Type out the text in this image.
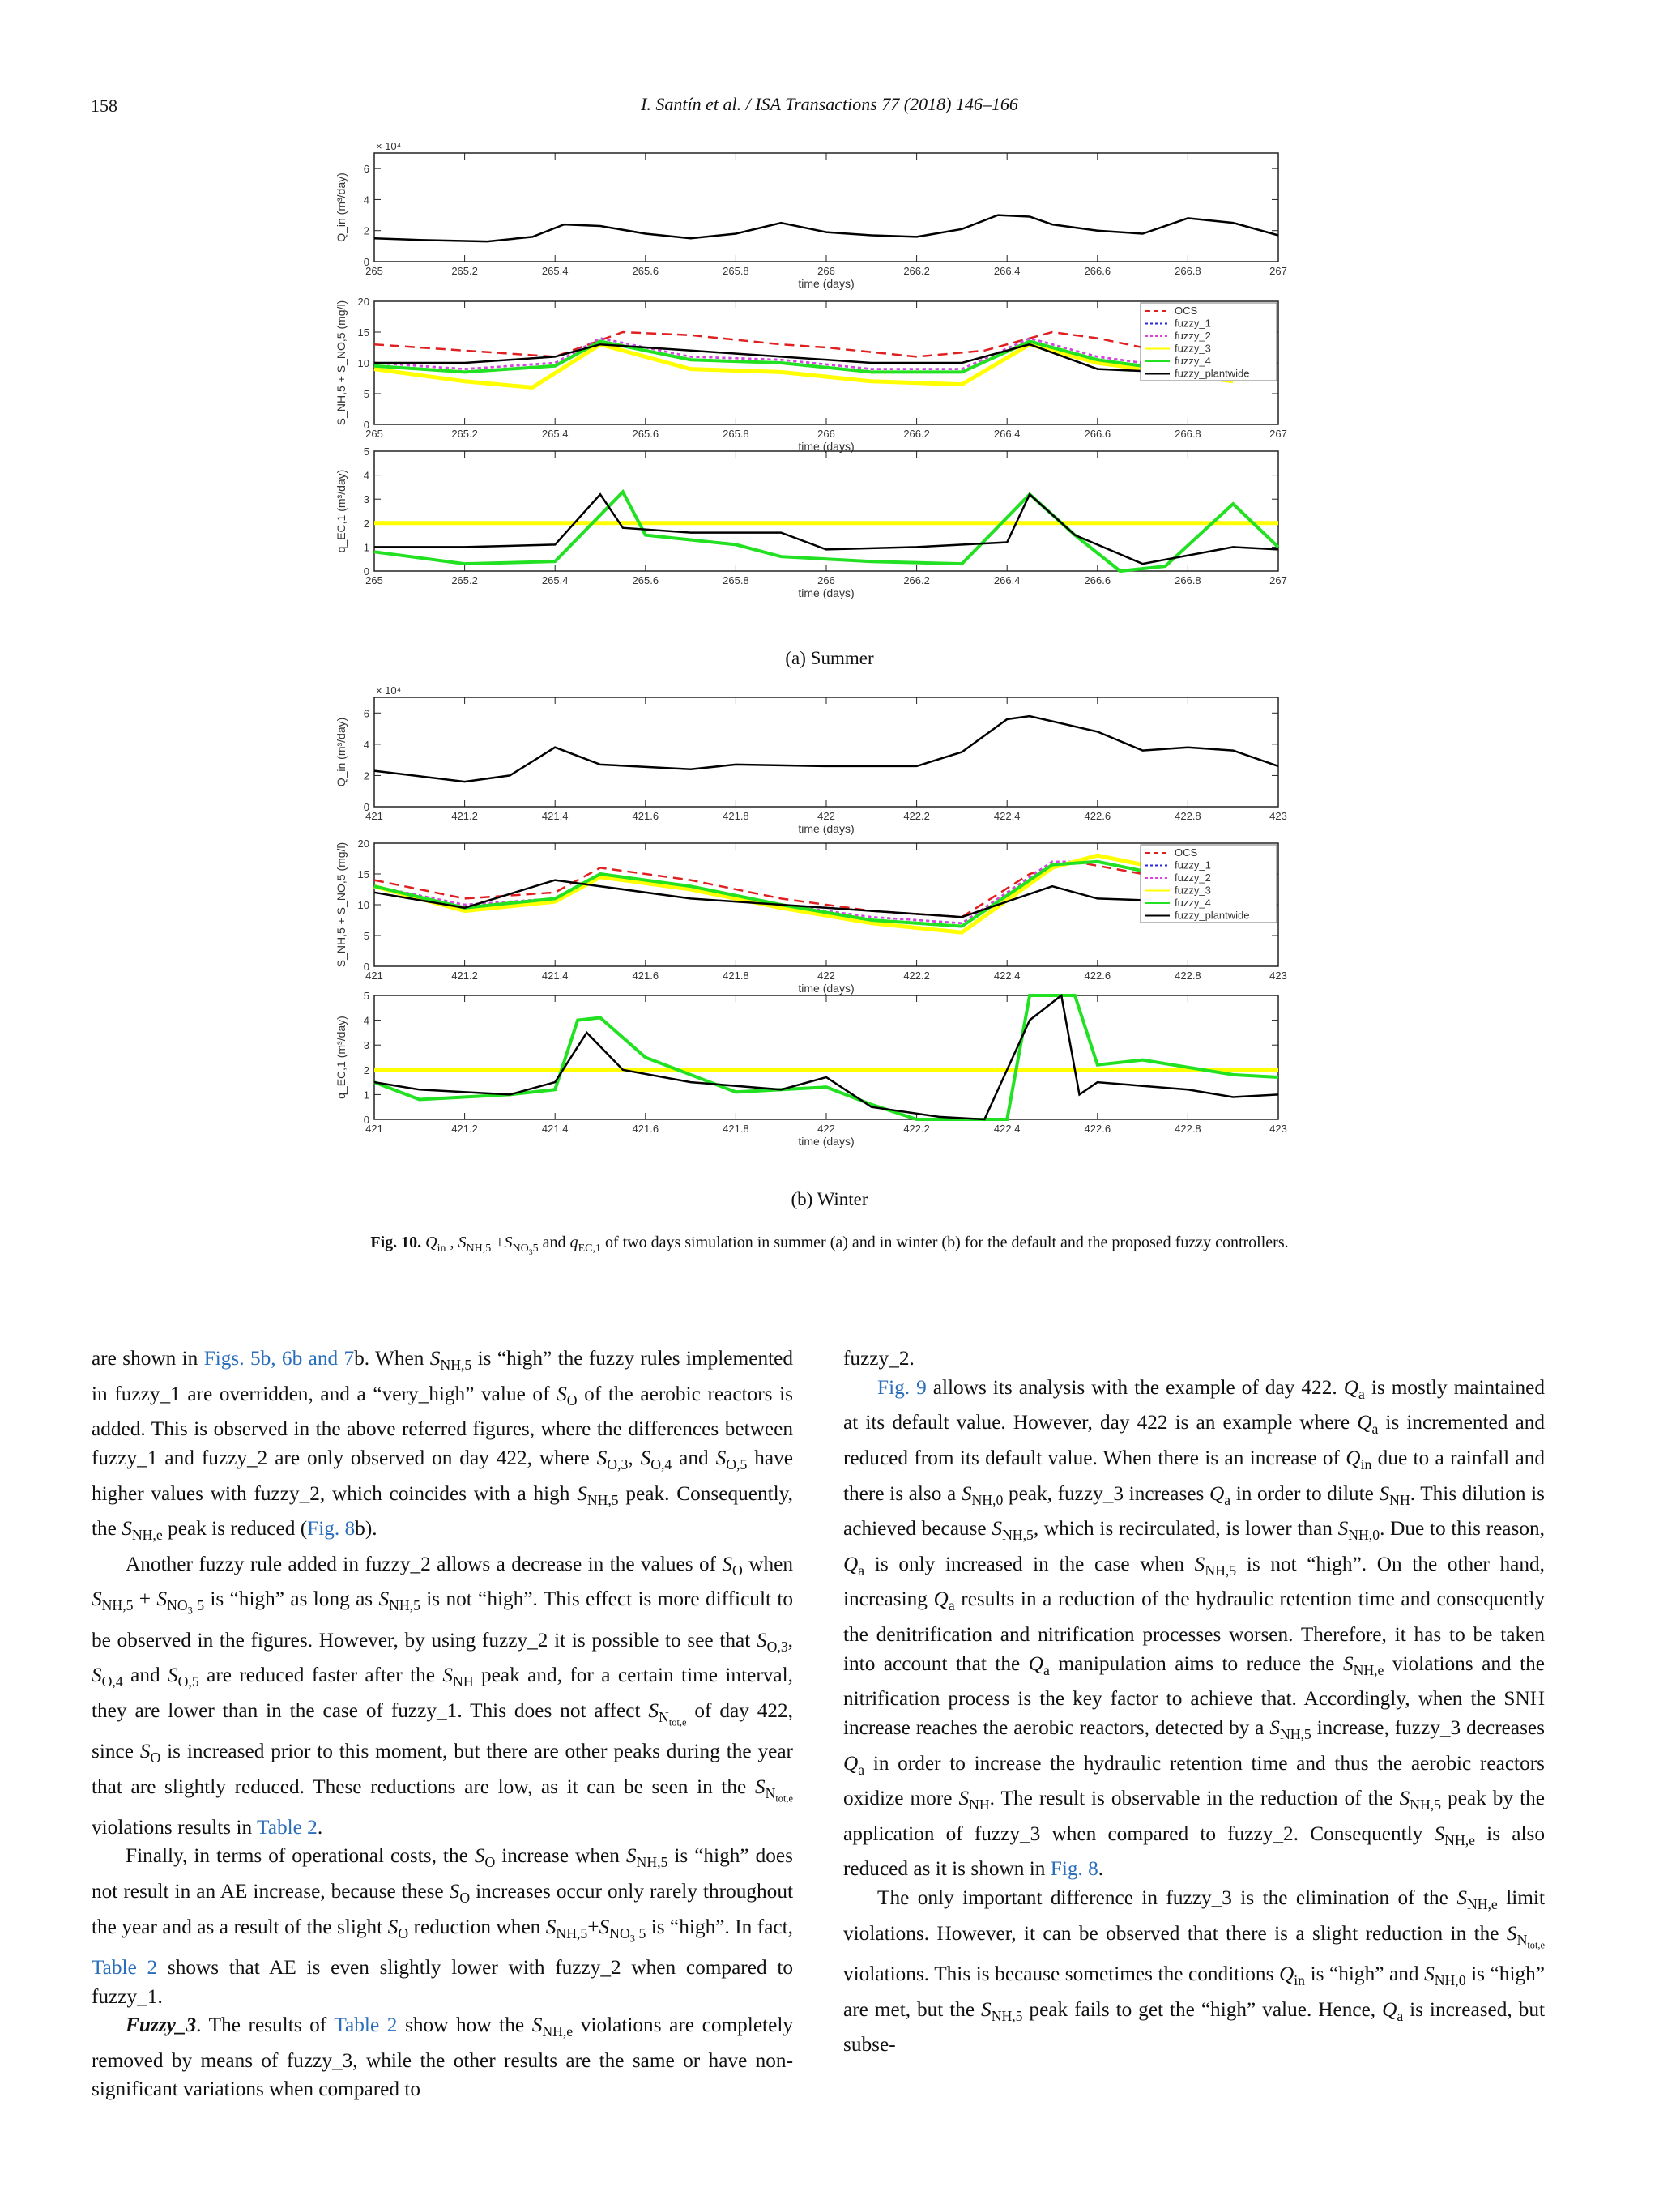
158	I. Santín et al. / ISA Transactions 77 (2018) 146–166
265	265.2	265.4	265.6	265.8	266	266.2	266.4	266.6	266.8	267
0
2
4
6
time (days)
Q_in (m³/day)
× 10⁴
265	265.2	265.4	265.6	265.8	266	266.2	266.4	266.6	266.8	267
0
5
10
15
20
time (days)
S_NH,5 + S_NO,5 (mg/l)	OCS
fuzzy_1
fuzzy_2
fuzzy_3
fuzzy_4
fuzzy_plantwide
265	265.2	265.4	265.6	265.8	266	266.2	266.4	266.6	266.8	267
0
1
2
3
4
5
time (days)
q_EC,1 (m³/day)
421	421.2	421.4	421.6	421.8	422	422.2	422.4	422.6	422.8	423
0
2
4
6
time (days)
Q_in (m³/day)
× 10⁴
421	421.2	421.4	421.6	421.8	422	422.2	422.4	422.6	422.8	423
0
5
10
15
20
time (days)
S_NH,5 + S_NO,5 (mg/l)	OCS
fuzzy_1
fuzzy_2
fuzzy_3
fuzzy_4
fuzzy_plantwide
421	421.2	421.4	421.6	421.8	422	422.2	422.4	422.6	422.8	423
0
1
2
3
4
5
time (days)
q_EC,1 (m³/day)
(a) Summer
(b) Winter
Fig. 10. $Q_{in}$ , $S_{NH,5} +S_{NO_35}$ and $q_{EC,1}$ of two days simulation in summer (a) and in winter (b) for the default and the proposed fuzzy controllers.

are shown in Figs. 5b, 6b and 7b. When $S_{NH,5}$ is “high” the fuzzy rules implemented in fuzzy_1 are overridden, and a “very_high” value of $S_O$ of the aerobic reactors is added. This is observed in the above referred figures, where the differences between fuzzy_1 and fuzzy_2 are only observed on day 422, where $S_{O,3}$, $S_{O,4}$ and $S_{O,5}$ have higher values with fuzzy_2, which coincides with a high $S_{NH,5}$ peak. Consequently, the $S_{NH,e}$ peak is reduced (Fig. 8b).

Another fuzzy rule added in fuzzy_2 allows a decrease in the values of $S_O$ when $S_{NH,5} + S_{NO_3 5}$ is “high” as long as $S_{NH,5}$ is not “high”. This effect is more difficult to be observed in the figures. However, by using fuzzy_2 it is possible to see that $S_{O,3}$, $S_{O,4}$ and $S_{O,5}$ are reduced faster after the $S_{NH}$ peak and, for a certain time interval, they are lower than in the case of fuzzy_1. This does not affect $S_{N_{tot,e}}$ of day 422, since $S_O$ is increased prior to this moment, but there are other peaks during the year that are slightly reduced. These reductions are low, as it can be seen in the $S_{N_{tot,e}}$ violations results in Table 2.

Finally, in terms of operational costs, the $S_O$ increase when $S_{NH,5}$ is “high” does not result in an AE increase, because these $S_O$ increases occur only rarely throughout the year and as a result of the slight $S_O$ reduction when $S_{NH,5}+S_{NO_3 5}$ is “high”. In fact, Table 2 shows that AE is even slightly lower with fuzzy_2 when compared to fuzzy_1.

Fuzzy_3. The results of Table 2 show how the $S_{NH,e}$ violations are completely removed by means of fuzzy_3, while the other results are the same or have non-significant variations when compared to

fuzzy_2.

Fig. 9 allows its analysis with the example of day 422. $Q_a$ is mostly maintained at its default value. However, day 422 is an example where $Q_a$ is incremented and reduced from its default value. When there is an increase of $Q_{in}$ due to a rainfall and there is also a $S_{NH,0}$ peak, fuzzy_3 increases $Q_a$ in order to dilute $S_{NH}$. This dilution is achieved because $S_{NH,5}$, which is recirculated, is lower than $S_{NH,0}$. Due to this reason, $Q_a$ is only increased in the case when $S_{NH,5}$ is not “high”. On the other hand, increasing $Q_a$ results in a reduction of the hydraulic retention time and consequently the denitrification and nitrification processes worsen. Therefore, it has to be taken into account that the $Q_a$ manipulation aims to reduce the $S_{NH,e}$ violations and the nitrification process is the key factor to achieve that. Accordingly, when the SNH increase reaches the aerobic reactors, detected by a $S_{NH,5}$ increase, fuzzy_3 decreases $Q_a$ in order to increase the hydraulic retention time and thus the aerobic reactors oxidize more $S_{NH}$. The result is observable in the reduction of the $S_{NH,5}$ peak by the application of fuzzy_3 when compared to fuzzy_2. Consequently $S_{NH,e}$ is also reduced as it is shown in Fig. 8.

The only important difference in fuzzy_3 is the elimination of the $S_{NH,e}$ limit violations. However, it can be observed that there is a slight reduction in the $S_{N_{tot,e}}$ violations. This is because sometimes the conditions $Q_{in}$ is “high” and $S_{NH,0}$ is “high” are met, but the $S_{NH,5}$ peak fails to get the “high” value. Hence, $Q_a$ is increased, but subse-
